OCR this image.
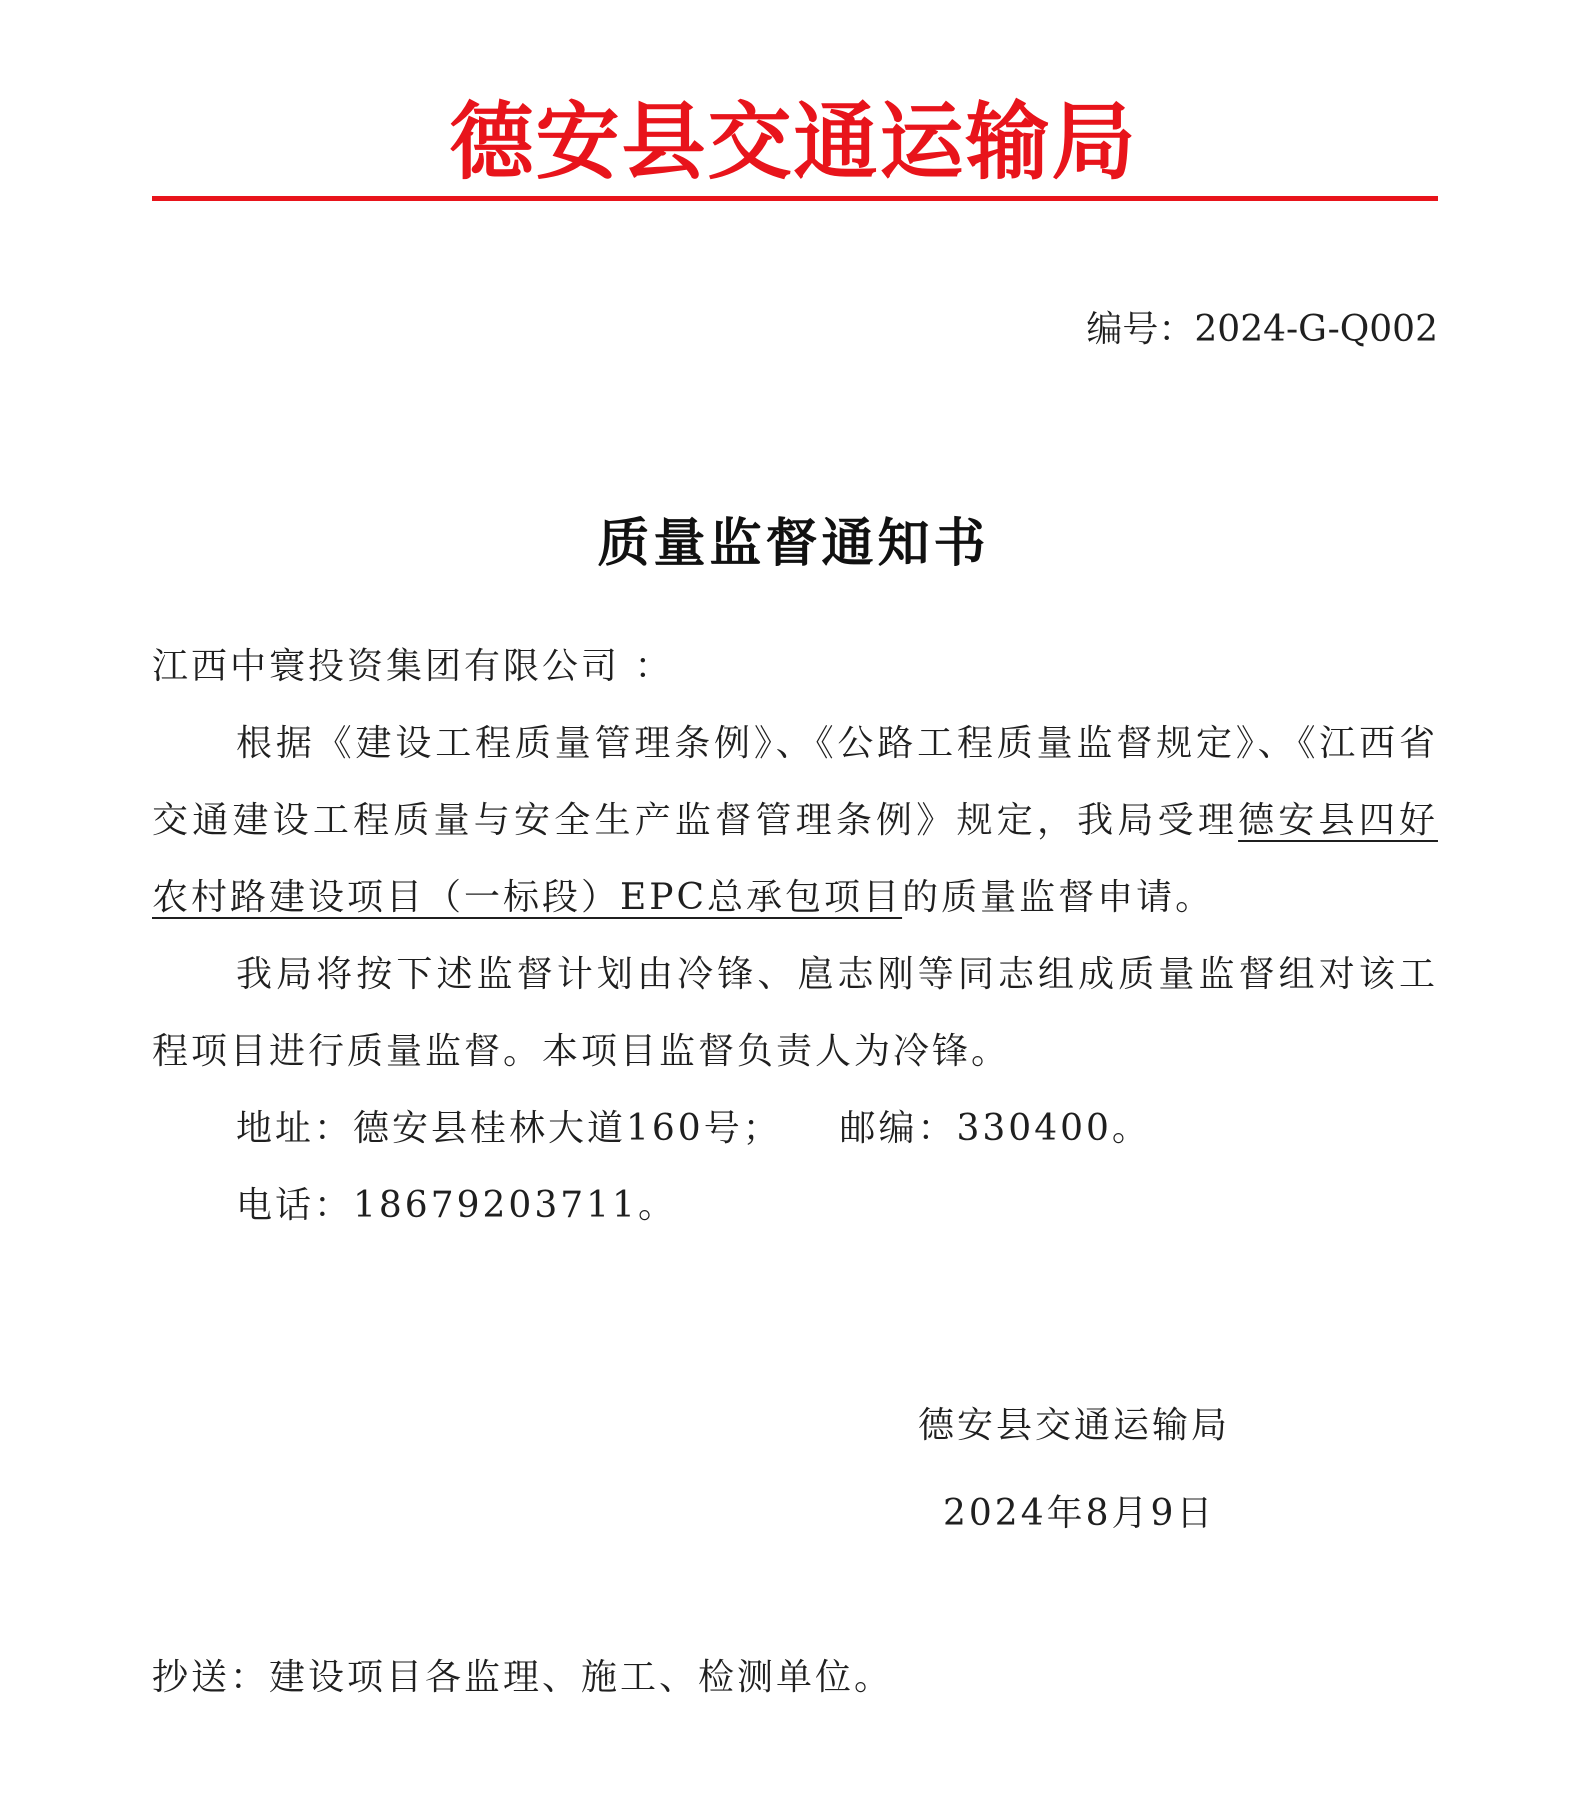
德安县交通运输局
编号：2024-G-Q002
质量监督通知书

江西中寰投资集团有限公司 ：

根据《建设工程质量管理条例》、《公路工程质量监督规定》、《江西省交通建设工程质量与安全生产监督管理条例》规定，我局受理德安县四好农村路建设项目（一标段）EPC总承包项目的质量监督申请。

我局将按下述监督计划由冷锋、扈志刚等同志组成质量监督组对该工程项目进行质量监督。本项目监督负责人为冷锋。

地址：德安县桂林大道160号；    邮编：330400。

电话：18679203711。

德安县交通运输局
2024年8月9日
抄送：建设项目各监理、施工、检测单位。
